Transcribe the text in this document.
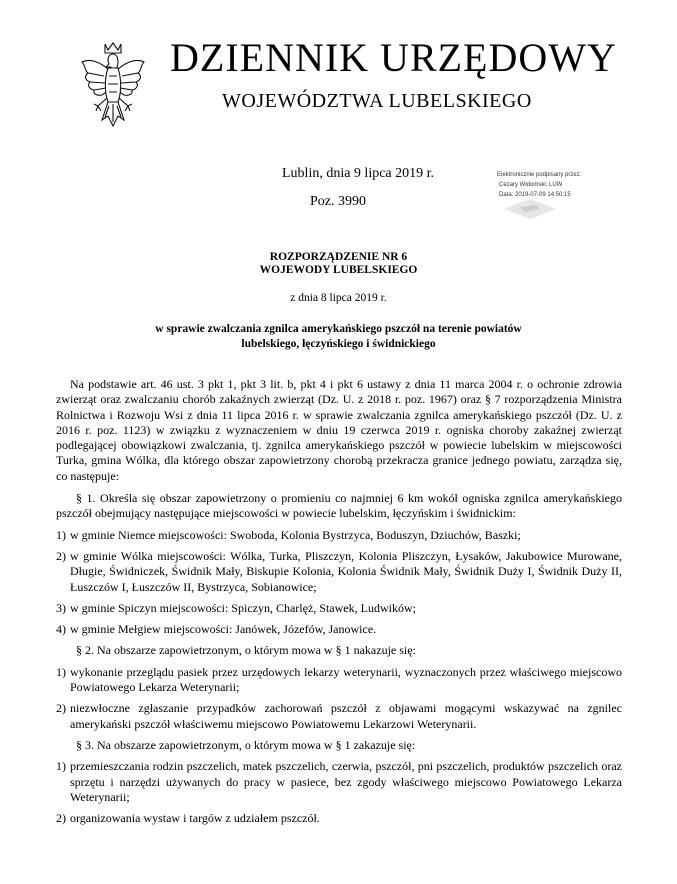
DZIENNIK URZĘDOWY
WOJEWÓDZTWA LUBELSKIEGO
Lublin, dnia 9 lipca 2019 r.
Poz. 3990
Elektronicznie podpisany przez:
Cezary Widomski; LUW
Data: 2019-07-09 14:50:15
ROZPORZĄDZENIE NR 6
WOJEWODY LUBELSKIEGO
z dnia 8 lipca 2019 r.
w sprawie zwalczania zgnilca amerykańskiego pszczół na terenie powiatów
lubelskiego, łęczyńskiego i świdnickiego

Na podstawie art. 46 ust. 3 pkt 1, pkt 3 lit. b, pkt 4 i pkt 6 ustawy z dnia 11 marca 2004 r. o ochronie zdrowia zwierząt oraz zwalczaniu chorób zakaźnych zwierząt (Dz. U. z 2018 r. poz. 1967) oraz § 7 rozporządzenia Ministra Rolnictwa i Rozwoju Wsi z dnia 11 lipca 2016 r. w sprawie zwalczania zgnilca amerykańskiego pszczół (Dz. U. z 2016 r. poz. 1123) w związku z wyznaczeniem w dniu 19 czerwca 2019 r. ogniska choroby zakaźnej zwierząt podlegającej obowiązkowi zwalczania, tj. zgnilca amerykańskiego pszczół w powiecie lubelskim w miejscowości Turka, gmina Wólka, dla którego obszar zapowietrzony chorobą przekracza granice jednego powiatu, zarządza się, co następuje:

§ 1. Określa się obszar zapowietrzony o promieniu co najmniej 6 km wokół ogniska zgnilca amerykańskiego pszczół obejmujący następujące miejscowości w powiecie lubelskim, łęczyńskim i świdnickim:

1) w gminie Niemce miejscowości: Swoboda, Kolonia Bystrzyca, Boduszyn, Dziuchów, Baszki;
2) w gminie Wólka miejscowości: Wólka, Turka, Pliszczyn, Kolonia Pliszczyn, Łysaków, Jakubowice Murowane, Długie, Świdniczek, Świdnik Mały, Biskupie Kolonia, Kolonia Świdnik Mały, Świdnik Duży I, Świdnik Duży II, Łuszczów I, Łuszczów II, Bystrzyca, Sobianowice;
3) w gminie Spiczyn miejscowości: Spiczyn, Charlęż, Stawek, Ludwików;
4) w gminie Mełgiew miejscowości: Janówek, Józefów, Janowice.

§ 2. Na obszarze zapowietrzonym, o którym mowa w § 1 nakazuje się:

1) wykonanie przeglądu pasiek przez urzędowych lekarzy weterynarii, wyznaczonych przez właściwego miejscowo Powiatowego Lekarza Weterynarii;
2) niezwłoczne zgłaszanie przypadków zachorowań pszczół z objawami mogącymi wskazywać na zgnilec amerykański pszczół właściwemu miejscowo Powiatowemu Lekarzowi Weterynarii.

§ 3. Na obszarze zapowietrzonym, o którym mowa w § 1 zakazuje się:

1) przemieszczania rodzin pszczelich, matek pszczelich, czerwia, pszczół, pni pszczelich, produktów pszczelich oraz sprzętu i narzędzi używanych do pracy w pasiece, bez zgody właściwego miejscowo Powiatowego Lekarza Weterynarii;
2) organizowania wystaw i targów z udziałem pszczół.
